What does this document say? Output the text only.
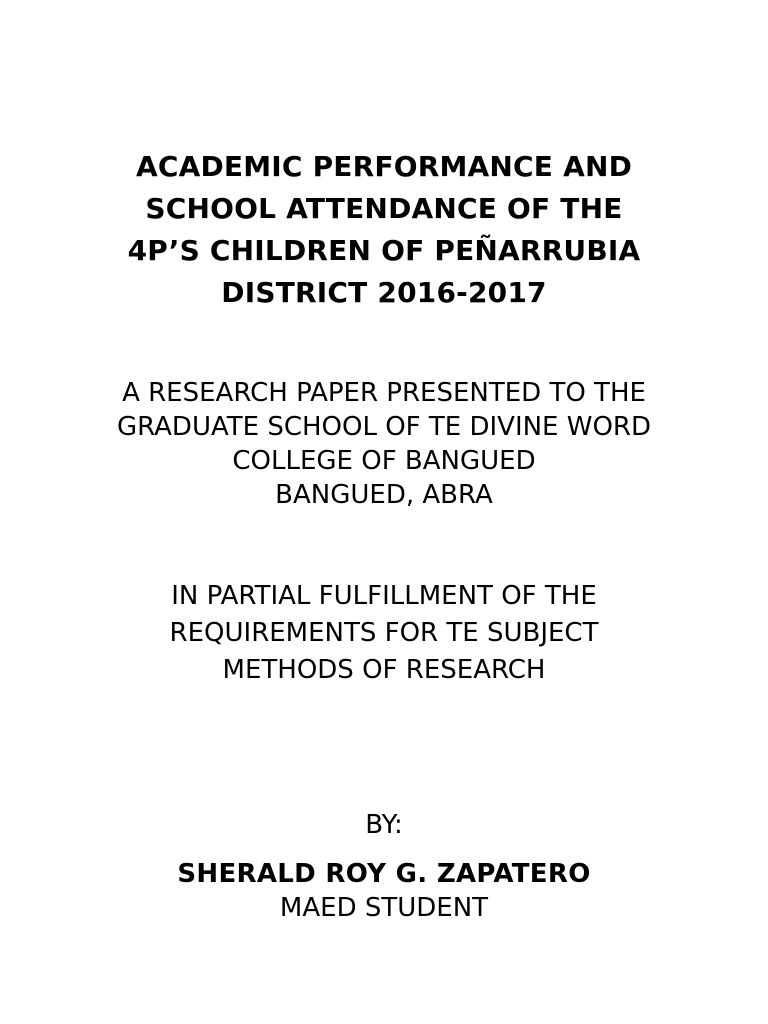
ACADEMIC PERFORMANCE AND
SCHOOL ATTENDANCE OF THE
4P’S CHILDREN OF PEÑARRUBIA
DISTRICT 2016-2017
A RESEARCH PAPER PRESENTED TO THE
GRADUATE SCHOOL OF TE DIVINE WORD
COLLEGE OF BANGUED
BANGUED, ABRA
IN PARTIAL FULFILLMENT OF THE
REQUIREMENTS FOR TE SUBJECT
METHODS OF RESEARCH
BY:
SHERALD ROY G. ZAPATERO
MAED STUDENT
